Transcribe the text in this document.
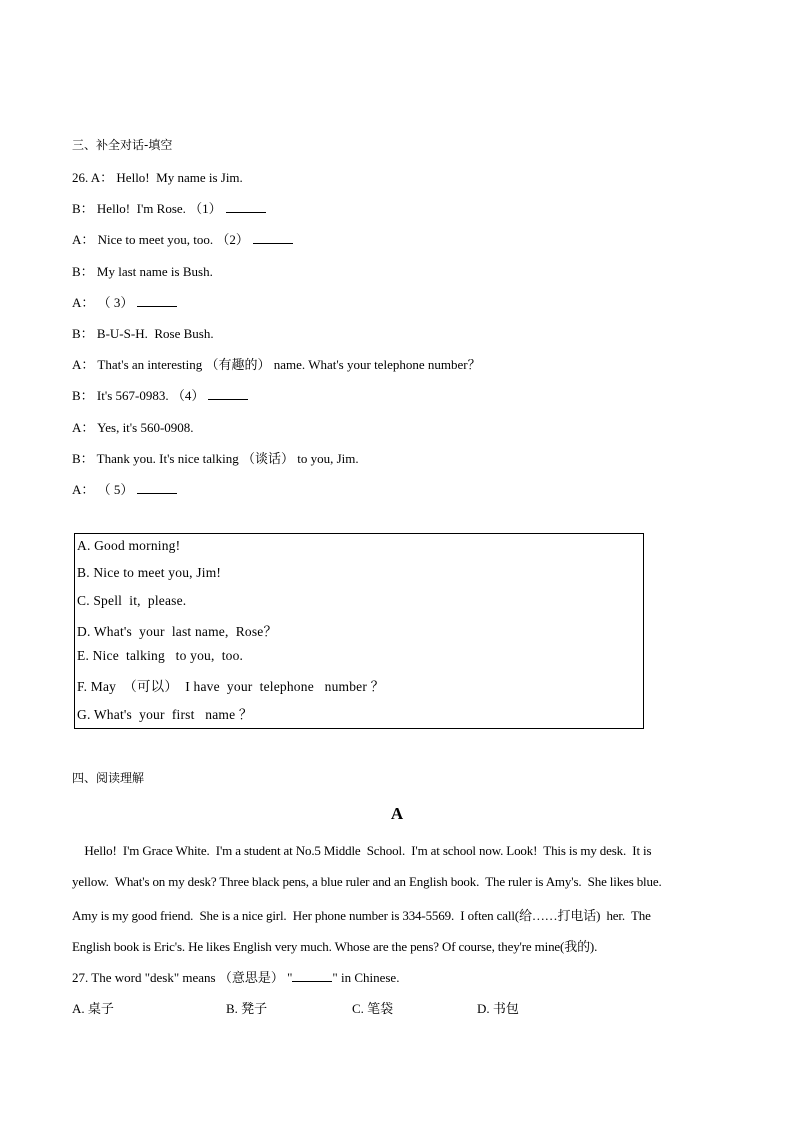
三、补全对话-填空
26. A： Hello!  My name is Jim.
B： Hello!  I'm Rose. （1）
A： Nice to meet you, too. （2）
B： My last name is Bush.
A： （ 3）
B： B-U-S-H.  Rose Bush.
A： That's an interesting （有趣的） name. What's your telephone number？
B： It's 567-0983. （4）
A： Yes, it's 560-0908.
B： Thank you. It's nice talking （谈话） to you, Jim.
A： （ 5）
A. Good morning!
B. Nice to meet you, Jim!
C. Spell  it,  please.
D. What's  your  last name,  Rose？
E. Nice  talking   to you,  too.
F. May  （可以）  I have  your  telephone   number ？
G. What's  your  first   name ？
四、阅读理解
A
Hello!  I'm Grace White.  I'm a student at No.5 Middle  School.  I'm at school now. Look!  This is my desk.  It is
yellow.  What's on my desk? Three black pens, a blue ruler and an English book.  The ruler is Amy's.  She likes blue.
Amy is my good friend.  She is a nice girl.  Her phone number is 334-5569.  I often call(给……打电话)  her.  The
English book is Eric's. He likes English very much. Whose are the pens? Of course, they're mine(我的).
27. The word "desk" means （意思是） "	" in Chinese.
A. 桌子	B. 凳子	C. 笔袋	D. 书包
